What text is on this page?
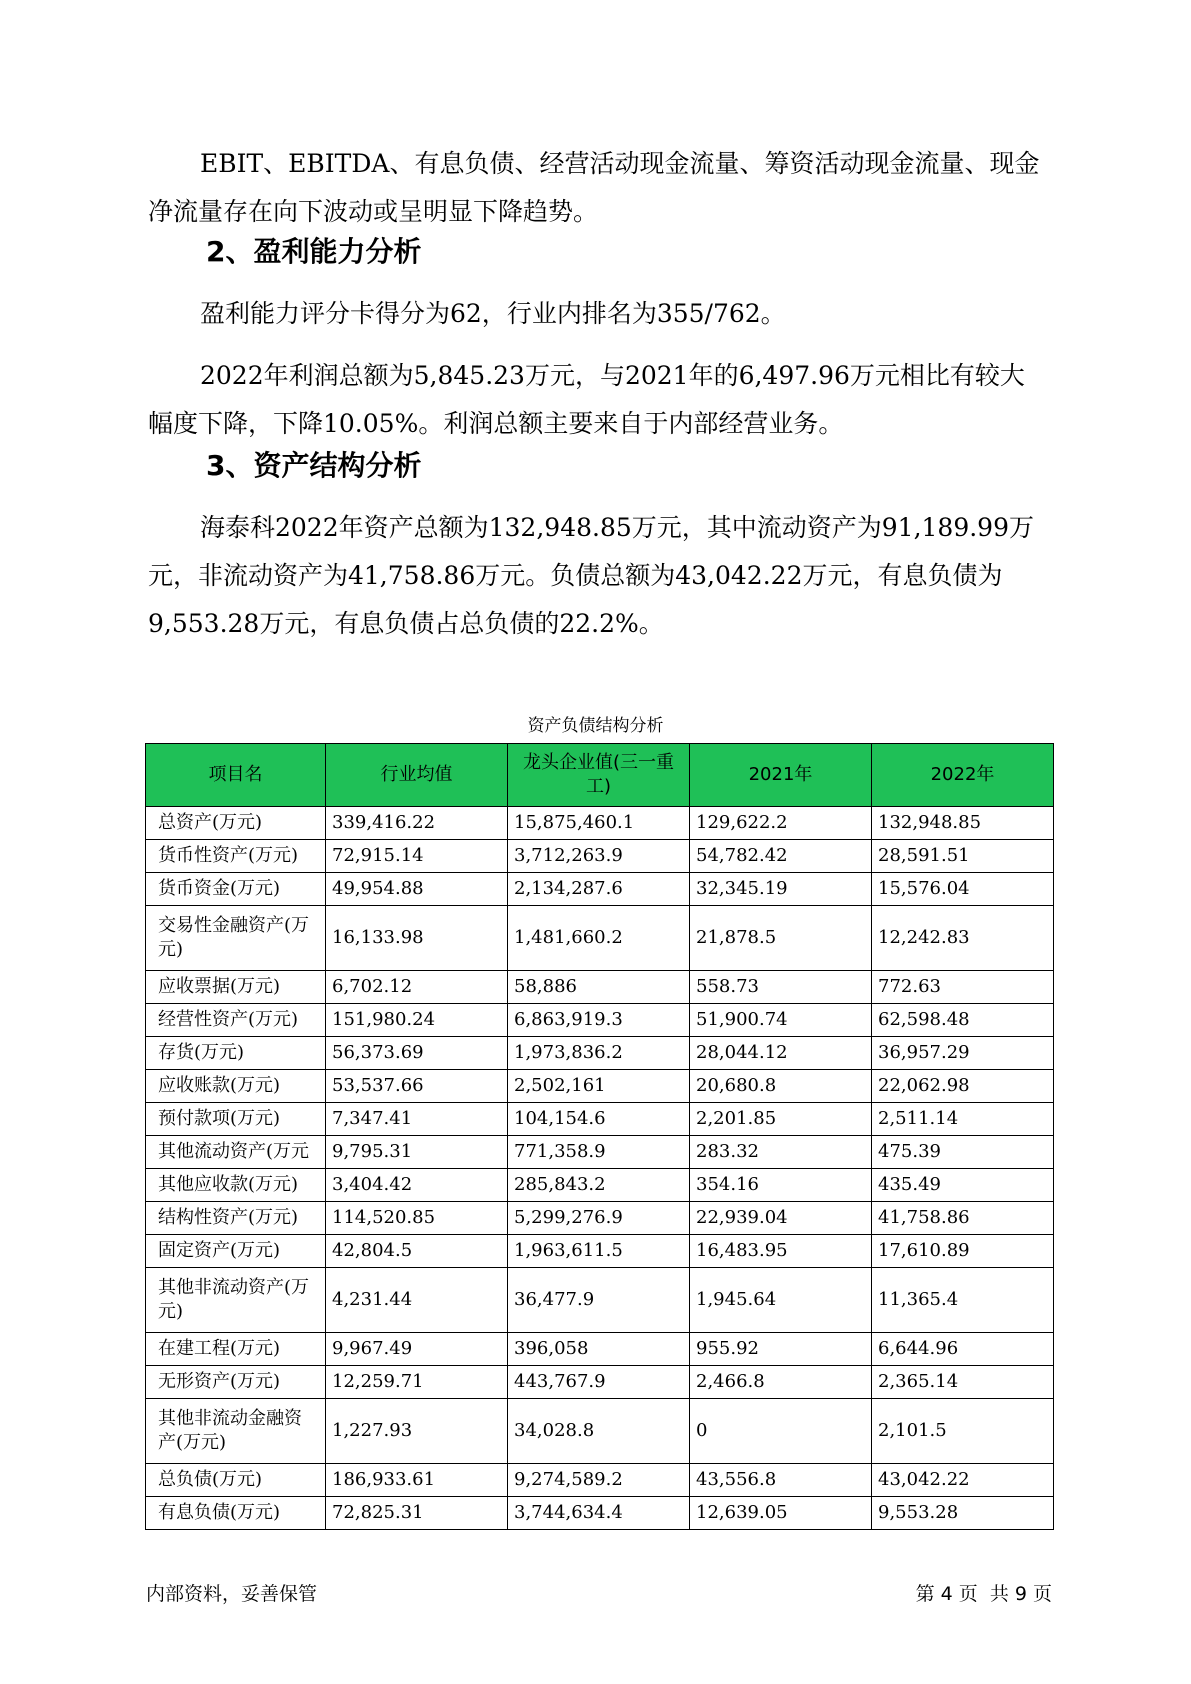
EBIT、EBITDA、有息负债、经营活动现金流量、筹资活动现金流量、现金净流量存在向下波动或呈明显下降趋势。

2、盈利能力分析

盈利能力评分卡得分为62，行业内排名为355/762。

2022年利润总额为5,845.23万元，与2021年的6,497.96万元相比有较大幅度下降，下降10.05%。利润总额主要来自于内部经营业务。

3、资产结构分析

海泰科2022年资产总额为132,948.85万元，其中流动资产为91,189.99万元，非流动资产为41,758.86万元。负债总额为43,042.22万元，有息负债为9,553.28万元，有息负债占总负债的22.2%。

资产负债结构分析
项目名	行业均值	龙头企业值(三一重工)	2021年	2022年
总资产(万元)	339,416.22	15,875,460.1	129,622.2	132,948.85
货币性资产(万元)	72,915.14	3,712,263.9	54,782.42	28,591.51
货币资金(万元)	49,954.88	2,134,287.6	32,345.19	15,576.04
交易性金融资产(万元)	16,133.98	1,481,660.2	21,878.5	12,242.83
应收票据(万元)	6,702.12	58,886	558.73	772.63
经营性资产(万元)	151,980.24	6,863,919.3	51,900.74	62,598.48
存货(万元)	56,373.69	1,973,836.2	28,044.12	36,957.29
应收账款(万元)	53,537.66	2,502,161	20,680.8	22,062.98
预付款项(万元)	7,347.41	104,154.6	2,201.85	2,511.14
其他流动资产(万元	9,795.31	771,358.9	283.32	475.39
其他应收款(万元)	3,404.42	285,843.2	354.16	435.49
结构性资产(万元)	114,520.85	5,299,276.9	22,939.04	41,758.86
固定资产(万元)	42,804.5	1,963,611.5	16,483.95	17,610.89
其他非流动资产(万元)	4,231.44	36,477.9	1,945.64	11,365.4
在建工程(万元)	9,967.49	396,058	955.92	6,644.96
无形资产(万元)	12,259.71	443,767.9	2,466.8	2,365.14
其他非流动金融资产(万元)	1,227.93	34,028.8	0	2,101.5
总负债(万元)	186,933.61	9,274,589.2	43,556.8	43,042.22
有息负债(万元)	72,825.31	3,744,634.4	12,639.05	9,553.28
内部资料，妥善保管	第 4 页  共 9 页
